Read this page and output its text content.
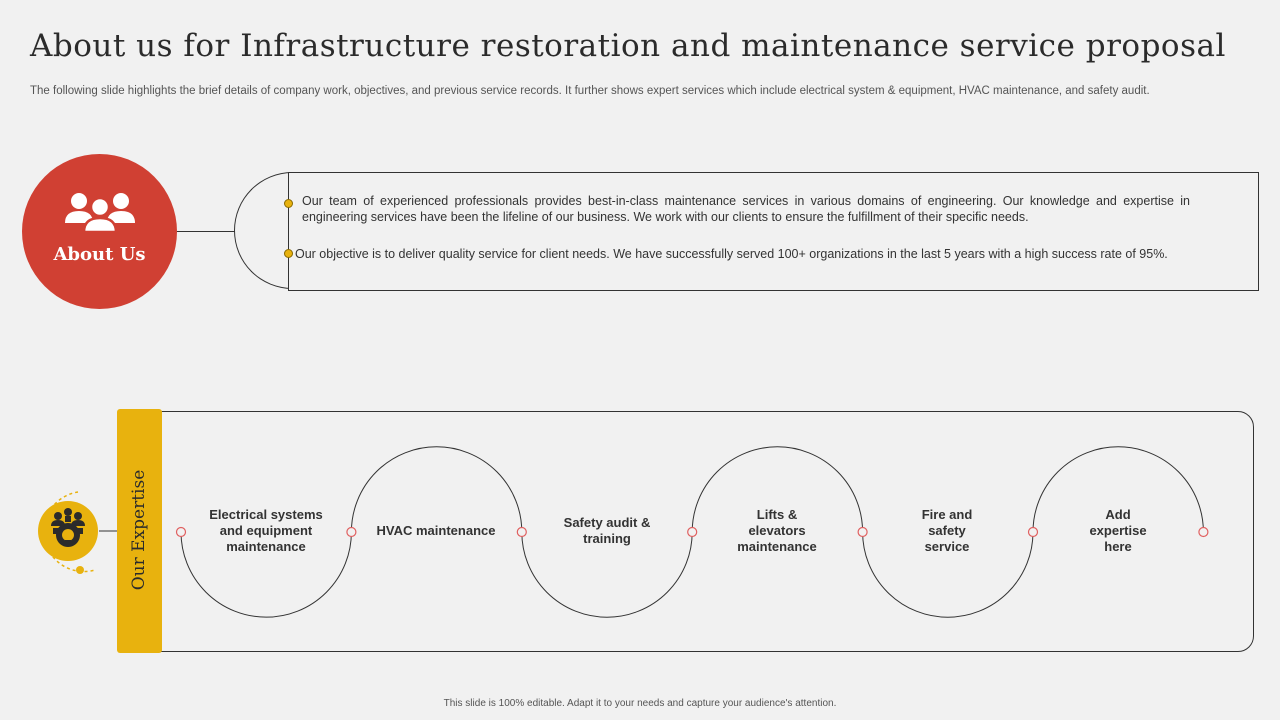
About us for Infrastructure restoration and maintenance service proposal
The following slide highlights the brief details of company work, objectives, and previous service records. It further shows expert services which include electrical system & equipment, HVAC maintenance, and safety audit.
About Us
Our team of experienced professionals provides best-in-class maintenance services in various domains of engineering. Our knowledge and expertise in engineering services have been the lifeline of our business. We work with our clients to ensure the fulfillment of their specific needs.
Our objective is to deliver quality service for client needs. We have successfully served 100+ organizations in the last 5 years with a high success rate of 95%.
Our Expertise	Electrical systems and equipment maintenance
HVAC maintenance
Safety audit & training
Lifts & elevators maintenance
Fire and safety service
Add expertise here
This slide is 100% editable. Adapt it to your needs and capture your audience's attention.
